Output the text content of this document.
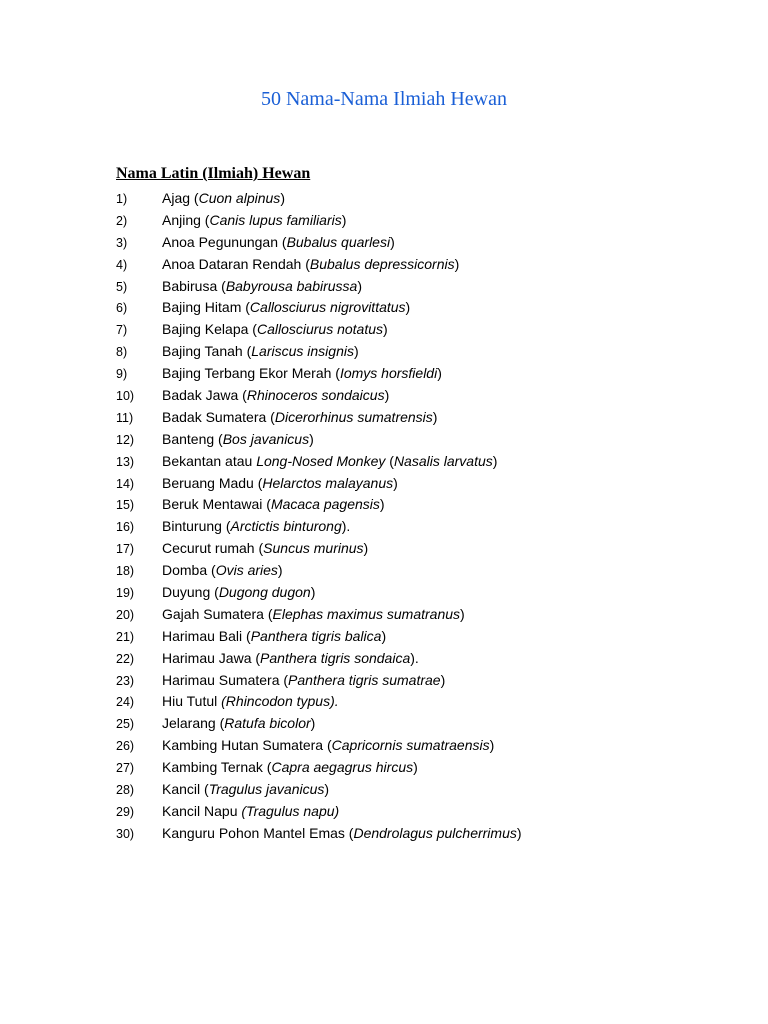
50 Nama-Nama Ilmiah Hewan
Nama Latin (Ilmiah) Hewan
1) Ajag (Cuon alpinus)
2) Anjing (Canis lupus familiaris)
3) Anoa Pegunungan (Bubalus quarlesi)
4) Anoa Dataran Rendah (Bubalus depressicornis)
5) Babirusa (Babyrousa babirussa)
6) Bajing Hitam (Callosciurus nigrovittatus)
7) Bajing Kelapa (Callosciurus notatus)
8) Bajing Tanah (Lariscus insignis)
9) Bajing Terbang Ekor Merah (Iomys horsfieldi)
10) Badak Jawa (Rhinoceros sondaicus)
11) Badak Sumatera (Dicerorhinus sumatrensis)
12) Banteng (Bos javanicus)
13) Bekantan atau Long-Nosed Monkey (Nasalis larvatus)
14) Beruang Madu (Helarctos malayanus)
15) Beruk Mentawai (Macaca pagensis)
16) Binturung (Arctictis binturong).
17) Cecurut rumah (Suncus murinus)
18) Domba (Ovis aries)
19) Duyung (Dugong dugon)
20) Gajah Sumatera (Elephas maximus sumatranus)
21) Harimau Bali (Panthera tigris balica)
22) Harimau Jawa (Panthera tigris sondaica).
23) Harimau Sumatera (Panthera tigris sumatrae)
24) Hiu Tutul (Rhincodon typus).
25) Jelarang (Ratufa bicolor)
26) Kambing Hutan Sumatera (Capricornis sumatraensis)
27) Kambing Ternak (Capra aegagrus hircus)
28) Kancil (Tragulus javanicus)
29) Kancil Napu (Tragulus napu)
30) Kanguru Pohon Mantel Emas (Dendrolagus pulcherrimus)
